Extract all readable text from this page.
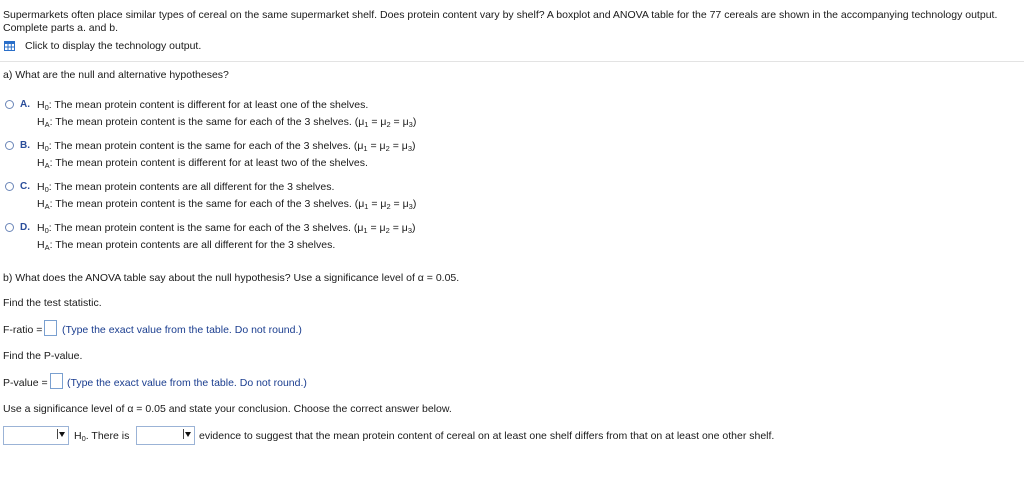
Supermarkets often place similar types of cereal on the same supermarket shelf. Does protein content vary by shelf? A boxplot and ANOVA table for the 77 cereals are shown in the accompanying technology output.
Complete parts a. and b.
Click to display the technology output.
a) What are the null and alternative hypotheses?
A. $H_0$: The mean protein content is different for at least one of the shelves.
$H_A$: The mean protein content is the same for each of the 3 shelves. $(\mu_1 = \mu_2 = \mu_3)$
B. $H_0$: The mean protein content is the same for each of the 3 shelves. $(\mu_1 = \mu_2 = \mu_3)$
$H_A$: The mean protein content is different for at least two of the shelves.
C. $H_0$: The mean protein contents are all different for the 3 shelves.
$H_A$: The mean protein content is the same for each of the 3 shelves. $(\mu_1 = \mu_2 = \mu_3)$
D. $H_0$: The mean protein content is the same for each of the 3 shelves. $(\mu_1 = \mu_2 = \mu_3)$
$H_A$: The mean protein contents are all different for the 3 shelves.
b) What does the ANOVA table say about the null hypothesis? Use a significance level of α = 0.05.
Find the test statistic.
F-ratio = (Type the exact value from the table. Do not round.)
Find the P-value.
P-value = (Type the exact value from the table. Do not round.)
Use a significance level of α = 0.05 and state your conclusion. Choose the correct answer below.
$H_0$. There is	evidence to suggest that the mean protein content of cereal on at least one shelf differs from that on at least one other shelf.
